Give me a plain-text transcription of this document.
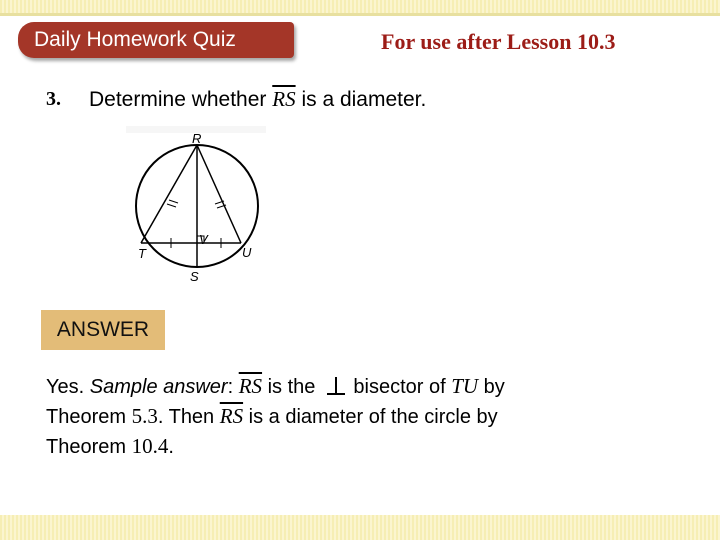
Daily Homework Quiz	For use after Lesson 10.3
3. Determine whether $\overline{RS}$ is a diameter.
R
T	U
V
S
ANSWER
Yes. Sample answer: $\overline{RS}$ is the bisector of TU by
Theorem 5.3. Then $\overline{RS}$ is a diameter of the circle by
Theorem 10.4.
